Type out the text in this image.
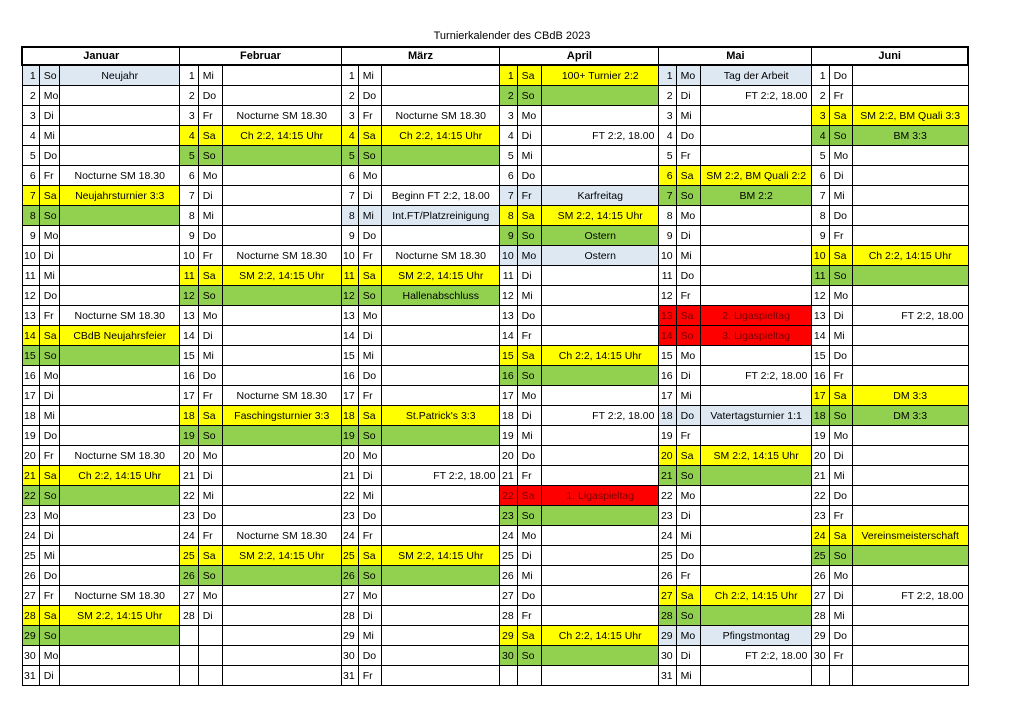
Turnierkalender des CBdB 2023
Januar			Februar			März			April			Mai			Juni		
1	So	Neujahr	1	Mi		1	Mi		1	Sa	100+ Turnier 2:2	1	Mo	Tag der Arbeit	1	Do	
2	Mo		2	Do		2	Do		2	So		2	Di	FT 2:2, 18.00	2	Fr	
3	Di		3	Fr	Nocturne SM 18.30	3	Fr	Nocturne SM 18.30	3	Mo		3	Mi		3	Sa	SM 2:2, BM Quali 3:3
4	Mi		4	Sa	Ch 2:2, 14:15 Uhr	4	Sa	Ch 2:2, 14:15 Uhr	4	Di	FT 2:2, 18.00	4	Do		4	So	BM 3:3
5	Do		5	So		5	So		5	Mi		5	Fr		5	Mo	
6	Fr	Nocturne SM 18.30	6	Mo		6	Mo		6	Do		6	Sa	SM 2:2, BM Quali 2:2	6	Di	
7	Sa	Neujahrsturnier 3:3	7	Di		7	Di	Beginn FT 2:2, 18.00	7	Fr	Karfreitag	7	So	BM 2:2	7	Mi	
8	So		8	Mi		8	Mi	Int.FT/Platzreinigung	8	Sa	SM 2:2, 14:15 Uhr	8	Mo		8	Do	
9	Mo		9	Do		9	Do		9	So	Ostern	9	Di		9	Fr	
10	Di		10	Fr	Nocturne SM 18.30	10	Fr	Nocturne SM 18.30	10	Mo	Ostern	10	Mi		10	Sa	Ch 2:2, 14:15 Uhr
11	Mi		11	Sa	SM 2:2, 14:15 Uhr	11	Sa	SM 2:2, 14:15 Uhr	11	Di		11	Do		11	So	
12	Do		12	So		12	So	Hallenabschluss	12	Mi		12	Fr		12	Mo	
13	Fr	Nocturne SM 18.30	13	Mo		13	Mo		13	Do		13	Sa	2. Ligaspieltag	13	Di	FT 2:2, 18.00
14	Sa	CBdB Neujahrsfeier	14	Di		14	Di		14	Fr		14	So	3. Ligaspieltag	14	Mi	
15	So		15	Mi		15	Mi		15	Sa	Ch 2:2, 14:15 Uhr	15	Mo		15	Do	
16	Mo		16	Do		16	Do		16	So		16	Di	FT 2:2, 18.00	16	Fr	
17	Di		17	Fr	Nocturne SM 18.30	17	Fr		17	Mo		17	Mi		17	Sa	DM 3:3
18	Mi		18	Sa	Faschingsturnier 3:3	18	Sa	St.Patrick's 3:3	18	Di	FT 2:2, 18.00	18	Do	Vatertagsturnier 1:1	18	So	DM 3:3
19	Do		19	So		19	So		19	Mi		19	Fr		19	Mo	
20	Fr	Nocturne SM 18.30	20	Mo		20	Mo		20	Do		20	Sa	SM 2:2, 14:15 Uhr	20	Di	
21	Sa	Ch 2:2, 14:15 Uhr	21	Di		21	Di	FT 2:2, 18.00	21	Fr		21	So		21	Mi	
22	So		22	Mi		22	Mi		22	Sa	1. Ligaspieltag	22	Mo		22	Do	
23	Mo		23	Do		23	Do		23	So		23	Di		23	Fr	
24	Di		24	Fr	Nocturne SM 18.30	24	Fr		24	Mo		24	Mi		24	Sa	Vereinsmeisterschaft
25	Mi		25	Sa	SM 2:2, 14:15 Uhr	25	Sa	SM 2:2, 14:15 Uhr	25	Di		25	Do		25	So	
26	Do		26	So		26	So		26	Mi		26	Fr		26	Mo	
27	Fr	Nocturne SM 18.30	27	Mo		27	Mo		27	Do		27	Sa	Ch 2:2, 14:15 Uhr	27	Di	FT 2:2, 18.00
28	Sa	SM 2:2, 14:15 Uhr	28	Di		28	Di		28	Fr		28	So		28	Mi	
29	So					29	Mi		29	Sa	Ch 2:2, 14:15 Uhr	29	Mo	Pfingstmontag	29	Do	
30	Mo					30	Do		30	So		30	Di	FT 2:2, 18.00	30	Fr	
31	Di					31	Fr					31	Mi				
